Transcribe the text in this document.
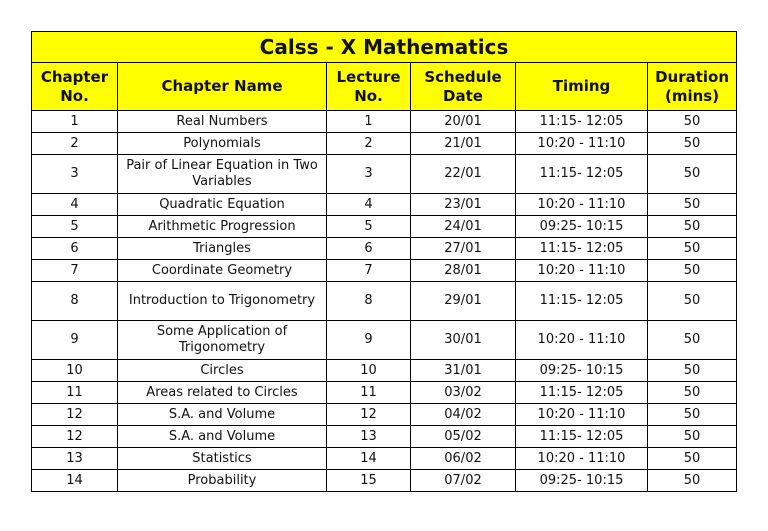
Calss - X Mathematics					
Chapter No.	Chapter Name	Lecture No.	Schedule Date	Timing	Duration (mins)
1	Real Numbers	1	20/01	11:15- 12:05	50
2	Polynomials	2	21/01	10:20 - 11:10	50
3	Pair of Linear Equation in Two Variables	3	22/01	11:15- 12:05	50
4	Quadratic Equation	4	23/01	10:20 - 11:10	50
5	Arithmetic Progression	5	24/01	09:25- 10:15	50
6	Triangles	6	27/01	11:15- 12:05	50
7	Coordinate Geometry	7	28/01	10:20 - 11:10	50
8	Introduction to Trigonometry	8	29/01	11:15- 12:05	50
9	Some Application of Trigonometry	9	30/01	10:20 - 11:10	50
10	Circles	10	31/01	09:25- 10:15	50
11	Areas related to Circles	11	03/02	11:15- 12:05	50
12	S.A. and Volume	12	04/02	10:20 - 11:10	50
12	S.A. and Volume	13	05/02	11:15- 12:05	50
13	Statistics	14	06/02	10:20 - 11:10	50
14	Probability	15	07/02	09:25- 10:15	50
